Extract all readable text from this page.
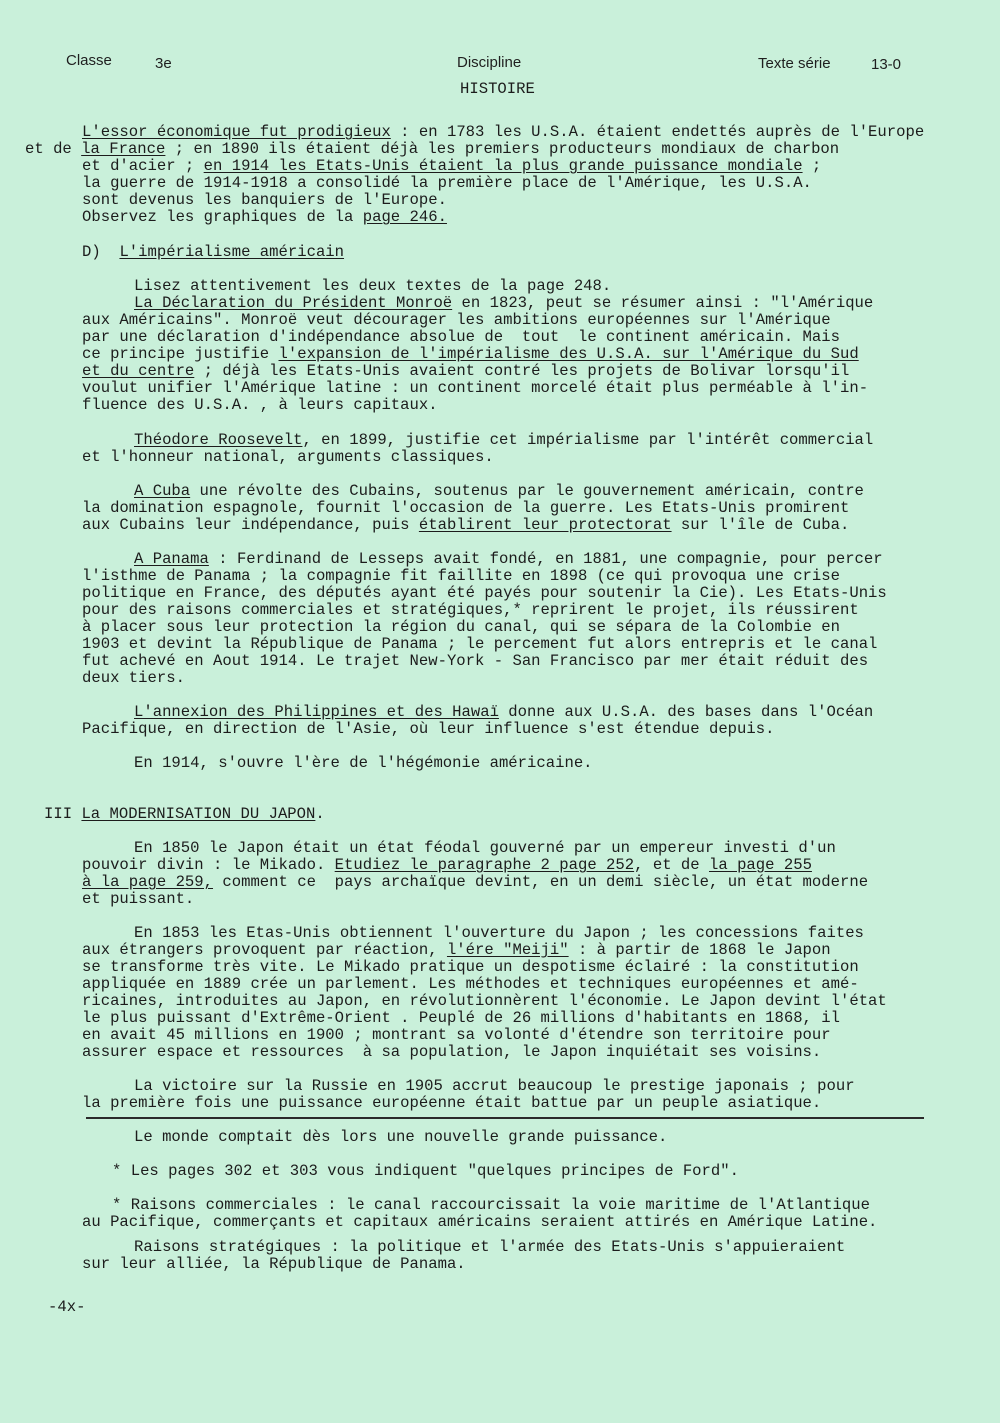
Classe	3e	Discipline	Texte série	13-0
HISTOIRE
L'essor économique fut prodigieux : en 1783 les U.S.A. étaient endettés auprès de l'Europe
et de la France ; en 1890 ils étaient déjà les premiers producteurs mondiaux de charbon
et d'acier ; en 1914 les Etats-Unis étaient la plus grande puissance mondiale ;
la guerre de 1914-1918 a consolidé la première place de l'Amérique, les U.S.A.
sont devenus les banquiers de l'Europe.
Observez les graphiques de la page 246.
D) L'impérialisme américain
Lisez attentivement les deux textes de la page 248.
La Déclaration du Président Monroë en 1823, peut se résumer ainsi : "l'Amérique
aux Américains". Monroë veut décourager les ambitions européennes sur l'Amérique
par une déclaration d'indépendance absolue de  tout  le continent américain. Mais
ce principe justifie l'expansion de l'impérialisme des U.S.A. sur l'Amérique du Sud
et du centre ; déjà les Etats-Unis avaient contré les projets de Bolivar lorsqu'il
voulut unifier l'Amérique latine : un continent morcelé était plus perméable à l'in-
fluence des U.S.A. , à leurs capitaux.
Théodore Roosevelt, en 1899, justifie cet impérialisme par l'intérêt commercial
et l'honneur national, arguments classiques.
A Cuba une révolte des Cubains, soutenus par le gouvernement américain, contre
la domination espagnole, fournit l'occasion de la guerre. Les Etats-Unis promirent
aux Cubains leur indépendance, puis établirent leur protectorat sur l'île de Cuba.
A Panama : Ferdinand de Lesseps avait fondé, en 1881, une compagnie, pour percer
l'isthme de Panama ; la compagnie fit faillite en 1898 (ce qui provoqua une crise
politique en France, des députés ayant été payés pour soutenir la Cie). Les Etats-Unis
pour des raisons commerciales et stratégiques,* reprirent le projet, ils réussirent
à placer sous leur protection la région du canal, qui se sépara de la Colombie en
1903 et devint la République de Panama ; le percement fut alors entrepris et le canal
fut achevé en Aout 1914. Le trajet New-York - San Francisco par mer était réduit des
deux tiers.
L'annexion des Philippines et des Hawaï donne aux U.S.A. des bases dans l'Océan
Pacifique, en direction de l'Asie, où leur influence s'est étendue depuis.
En 1914, s'ouvre l'ère de l'hégémonie américaine.
III La MODERNISATION DU JAPON.
En 1850 le Japon était un état féodal gouverné par un empereur investi d'un
pouvoir divin : le Mikado. Etudiez le paragraphe 2 page 252, et de la page 255
à la page 259, comment ce  pays archaïque devint, en un demi siècle, un état moderne
et puissant.
En 1853 les Etas-Unis obtiennent l'ouverture du Japon ; les concessions faites
aux étrangers provoquent par réaction, l'ére "Meiji" : à partir de 1868 le Japon
se transforme très vite. Le Mikado pratique un despotisme éclairé : la constitution
appliquée en 1889 crée un parlement. Les méthodes et techniques européennes et amé-
ricaines, introduites au Japon, en révolutionnèrent l'économie. Le Japon devint l'état
le plus puissant d'Extrême-Orient . Peuplé de 26 millions d'habitants en 1868, il
en avait 45 millions en 1900 ; montrant sa volonté d'étendre son territoire pour
assurer espace et ressources  à sa population, le Japon inquiétait ses voisins.
La victoire sur la Russie en 1905 accrut beaucoup le prestige japonais ; pour
la première fois une puissance européenne était battue par un peuple asiatique.
Le monde comptait dès lors une nouvelle grande puissance.
* Les pages 302 et 303 vous indiquent "quelques principes de Ford".
* Raisons commerciales : le canal raccourcissait la voie maritime de l'Atlantique
au Pacifique, commerçants et capitaux américains seraient attirés en Amérique Latine.
Raisons stratégiques : la politique et l'armée des Etats-Unis s'appuieraient
sur leur alliée, la République de Panama.
-4x-
